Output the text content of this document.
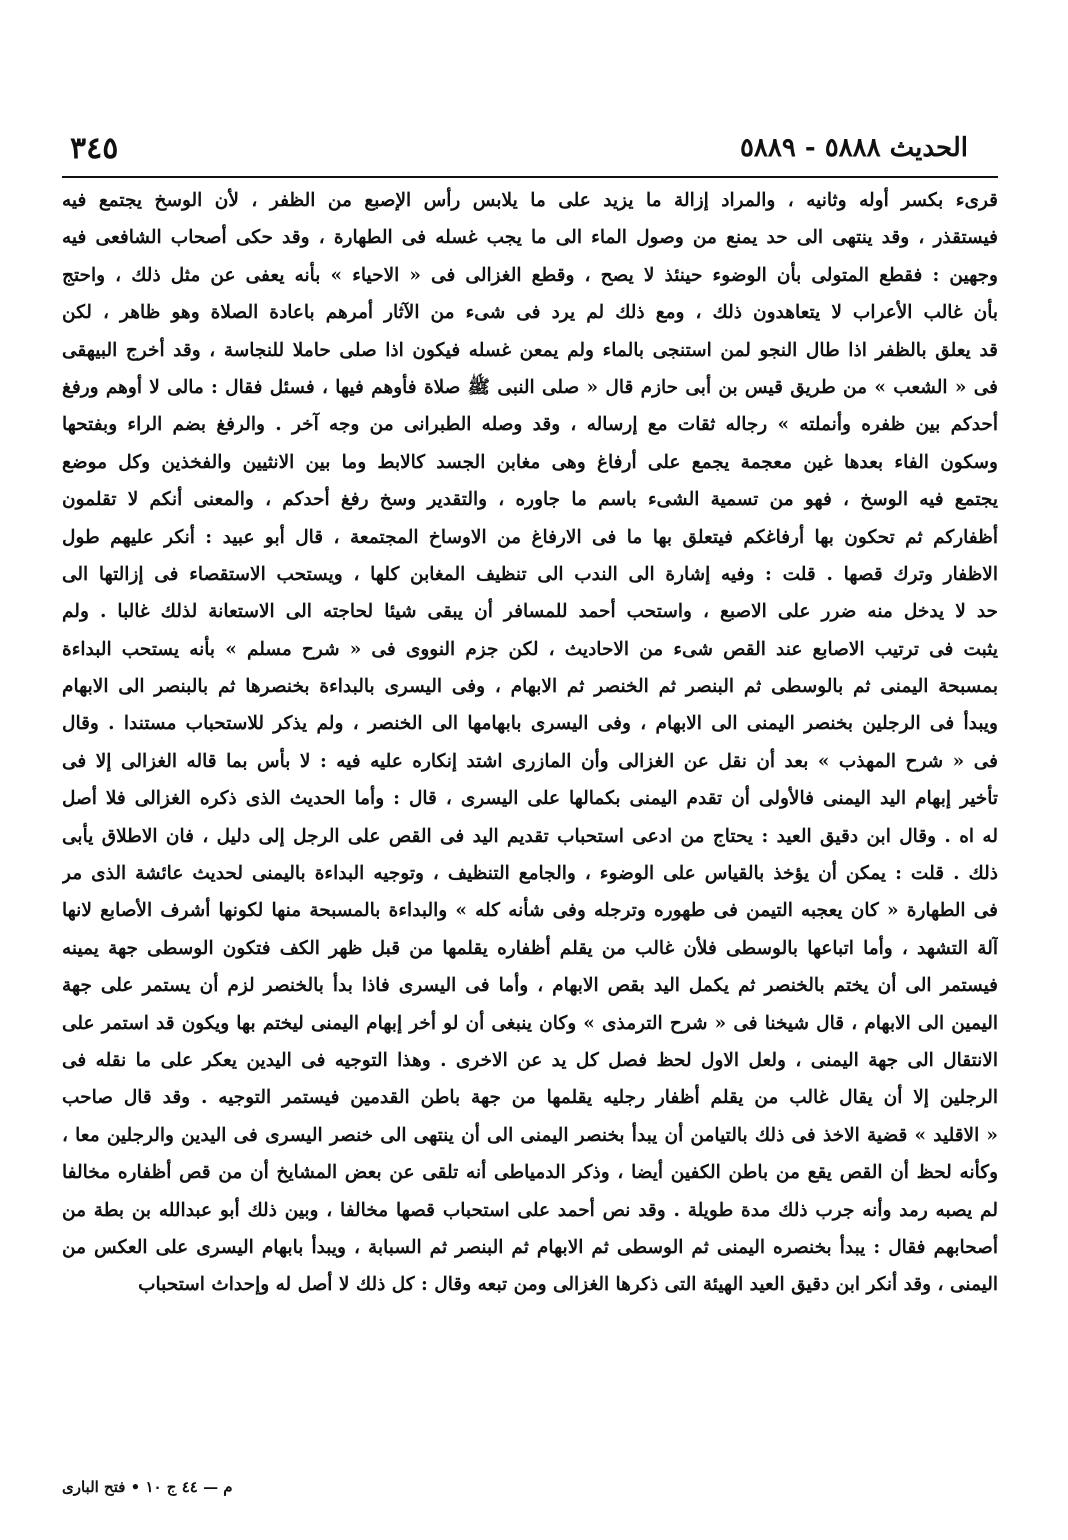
الحديث ٥٨٨٨ - ٥٨٨٩
٣٤٥
قرىء بكسر أوله وثانيه ، والمراد إزالة ما يزيد على ما يلابس رأس الإصبع من الظفر ، لأن الوسخ يجتمع فيه
فيستقذر ، وقد ينتهى الى حد يمنع من وصول الماء الى ما يجب غسله فى الطهارة ، وقد حكى أصحاب الشافعى فيه
وجهين : فقطع المتولى بأن الوضوء حينئذ لا يصح ، وقطع الغزالى فى « الاحياء » بأنه يعفى عن مثل ذلك ، واحتج
بأن غالب الأعراب لا يتعاهدون ذلك ، ومع ذلك لم يرد فى شىء من الآثار أمرهم باعادة الصلاة وهو ظاهر ، لكن
قد يعلق بالظفر اذا طال النجو لمن استنجى بالماء ولم يمعن غسله فيكون اذا صلى حاملا للنجاسة ، وقد أخرج البيهقى
فى « الشعب » من طريق قيس بن أبى حازم قال « صلى النبى ﷺ صلاة فأوهم فيها ، فسئل فقال : مالى لا أوهم ورفغ
أحدكم بين ظفره وأنملته » رجاله ثقات مع إرساله ، وقد وصله الطبرانى من وجه آخر . والرفغ بضم الراء وبفتحها
وسكون الفاء بعدها غين معجمة يجمع على أرفاغ وهى مغابن الجسد كالابط وما بين الانثيين والفخذين وكل موضع
يجتمع فيه الوسخ ، فهو من تسمية الشىء باسم ما جاوره ، والتقدير وسخ رفغ أحدكم ، والمعنى أنكم لا تقلمون
أظفاركم ثم تحكون بها أرفاغكم فيتعلق بها ما فى الارفاغ من الاوساخ المجتمعة ، قال أبو عبيد : أنكر عليهم طول
الاظفار وترك قصها . قلت : وفيه إشارة الى الندب الى تنظيف المغابن كلها ، ويستحب الاستقصاء فى إزالتها الى
حد لا يدخل منه ضرر على الاصبع ، واستحب أحمد للمسافر أن يبقى شيئا لحاجته الى الاستعانة لذلك غالبا . ولم
يثبت فى ترتيب الاصابع عند القص شىء من الاحاديث ، لكن جزم النووى فى « شرح مسلم » بأنه يستحب البداءة
بمسبحة اليمنى ثم بالوسطى ثم البنصر ثم الخنصر ثم الابهام ، وفى اليسرى بالبداءة بخنصرها ثم بالبنصر الى الابهام
ويبدأ فى الرجلين بخنصر اليمنى الى الابهام ، وفى اليسرى بابهامها الى الخنصر ، ولم يذكر للاستحباب مستندا . وقال
فى « شرح المهذب » بعد أن نقل عن الغزالى وأن المازرى اشتد إنكاره عليه فيه : لا بأس بما قاله الغزالى إلا فى
تأخير إبهام اليد اليمنى فالأولى أن تقدم اليمنى بكمالها على اليسرى ، قال : وأما الحديث الذى ذكره الغزالى فلا أصل
له اه . وقال ابن دقيق العيد : يحتاج من ادعى استحباب تقديم اليد فى القص على الرجل إلى دليل ، فان الاطلاق يأبى
ذلك . قلت : يمكن أن يؤخذ بالقياس على الوضوء ، والجامع التنظيف ، وتوجيه البداءة باليمنى لحديث عائشة الذى مر
فى الطهارة « كان يعجبه التيمن فى طهوره وترجله وفى شأنه كله » والبداءة بالمسبحة منها لكونها أشرف الأصابع لانها
آلة التشهد ، وأما اتباعها بالوسطى فلأن غالب من يقلم أظفاره يقلمها من قبل ظهر الكف فتكون الوسطى جهة يمينه
فيستمر الى أن يختم بالخنصر ثم يكمل اليد بقص الابهام ، وأما فى اليسرى فاذا بدأ بالخنصر لزم أن يستمر على جهة
اليمين الى الابهام ، قال شيخنا فى « شرح الترمذى » وكان ينبغى أن لو أخر إبهام اليمنى ليختم بها ويكون قد استمر على
الانتقال الى جهة اليمنى ، ولعل الاول لحظ فصل كل يد عن الاخرى . وهذا التوجيه فى اليدين يعكر على ما نقله فى
الرجلين إلا أن يقال غالب من يقلم أظفار رجليه يقلمها من جهة باطن القدمين فيستمر التوجيه . وقد قال صاحب
« الاقليد » قضية الاخذ فى ذلك بالتيامن أن يبدأ بخنصر اليمنى الى أن ينتهى الى خنصر اليسرى فى اليدين والرجلين معا ،
وكأنه لحظ أن القص يقع من باطن الكفين أيضا ، وذكر الدمياطى أنه تلقى عن بعض المشايخ أن من قص أظفاره مخالفا
لم يصبه رمد وأنه جرب ذلك مدة طويلة . وقد نص أحمد على استحباب قصها مخالفا ، وبين ذلك أبو عبدالله بن بطة من
أصحابهم فقال : يبدأ بخنصره اليمنى ثم الوسطى ثم الابهام ثم البنصر ثم السبابة ، ويبدأ بابهام اليسرى على العكس من
اليمنى ، وقد أنكر ابن دقيق العيد الهيئة التى ذكرها الغزالى ومن تبعه وقال : كل ذلك لا أصل له وإحداث استحباب
م — ٤٤ ج ١٠ • فتح البارى
